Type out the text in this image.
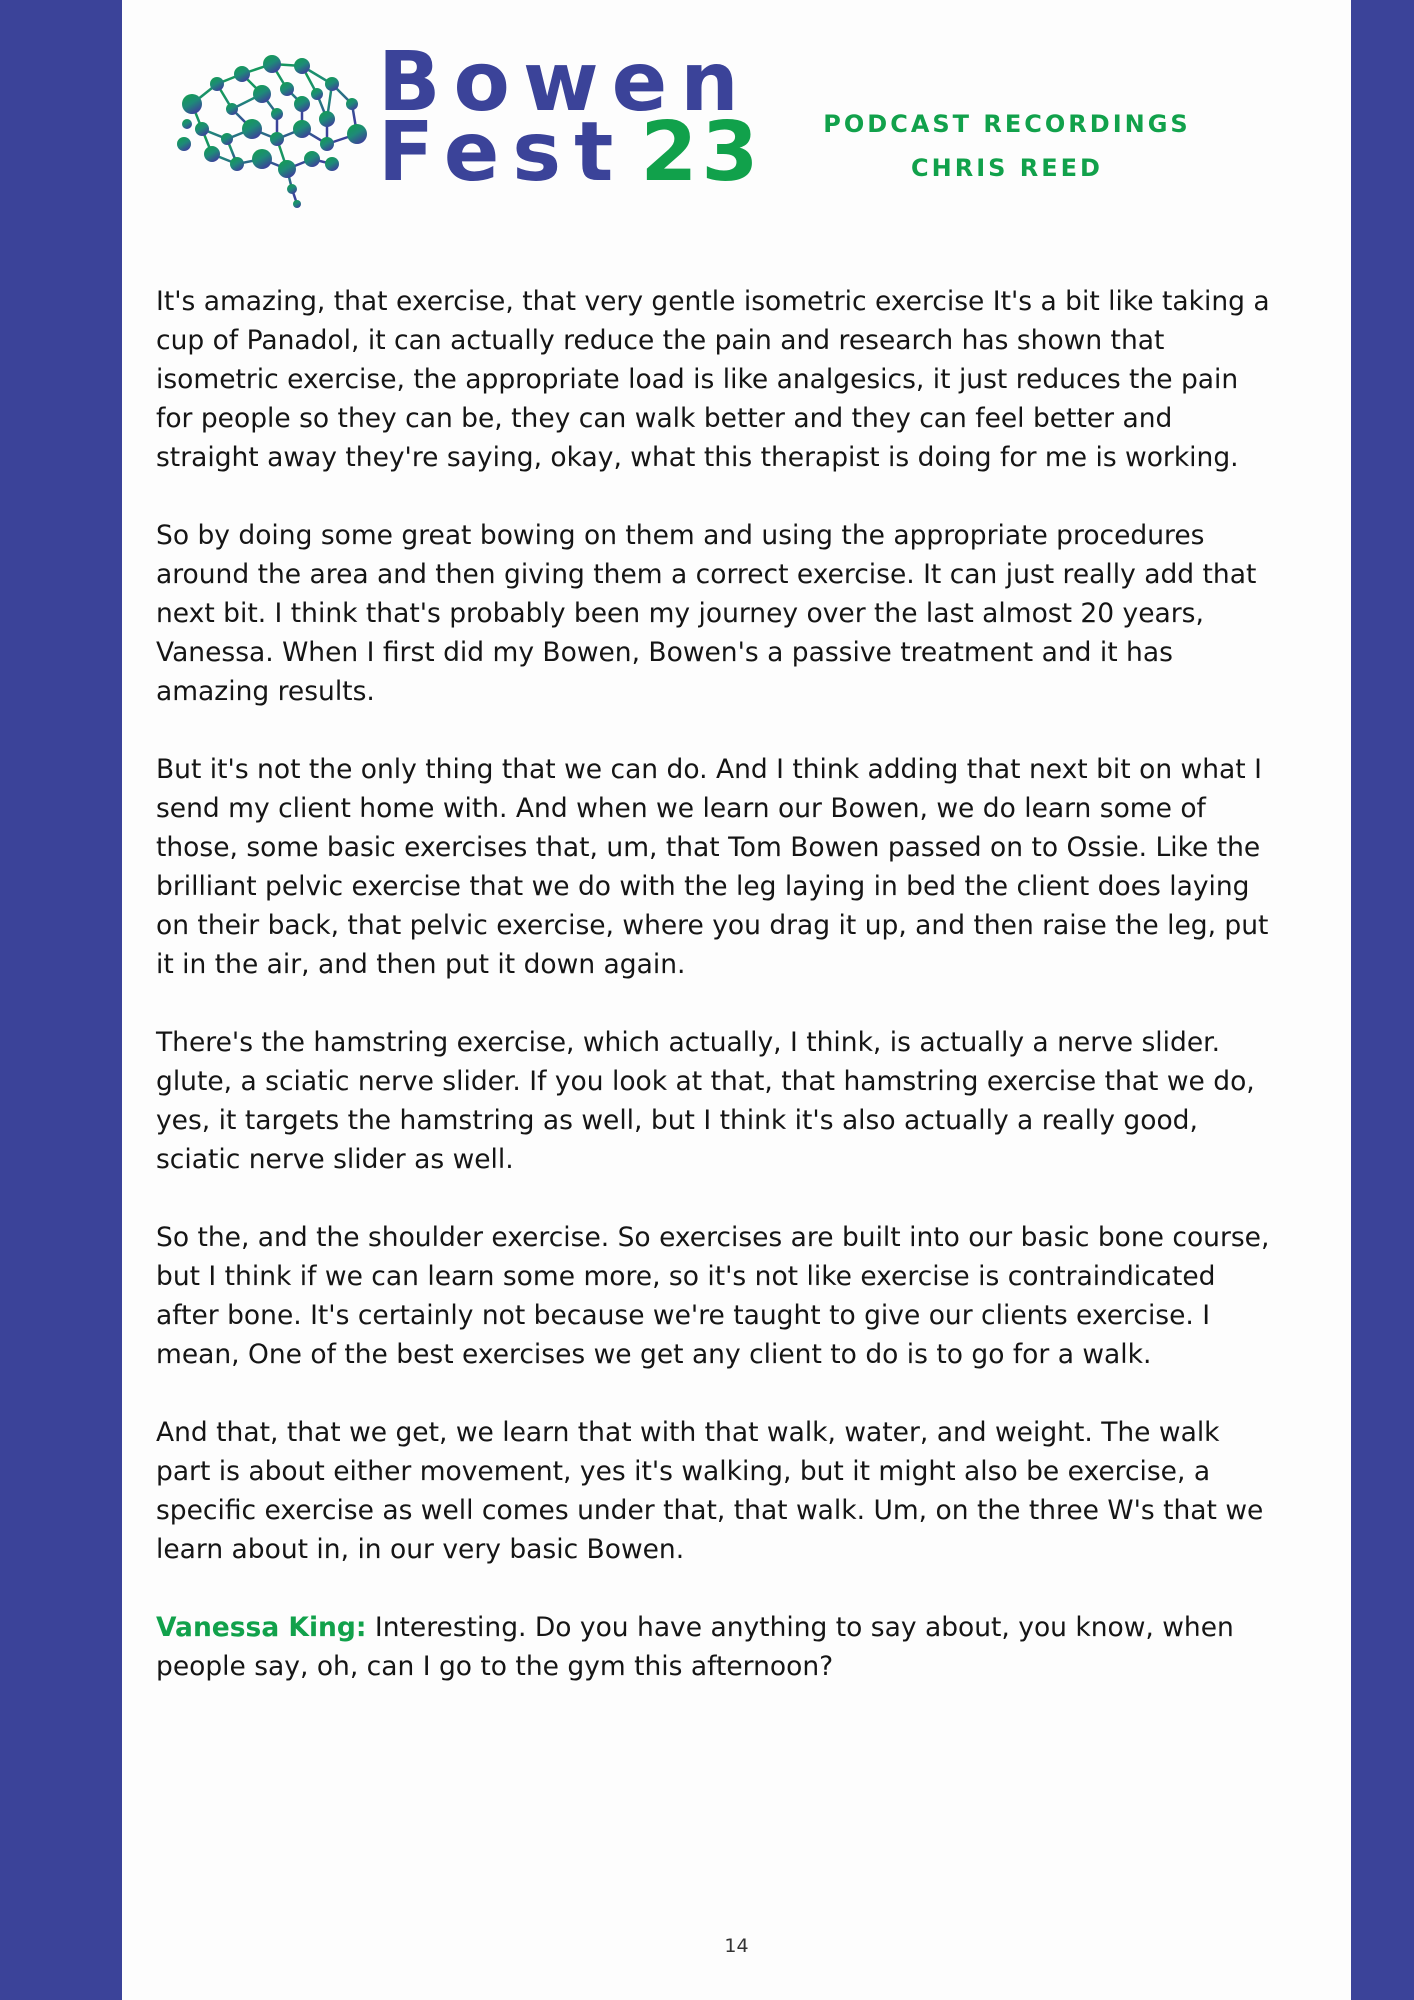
Bowen
Fest 23	PODCAST RECORDINGS
CHRIS REED

It's amazing, that exercise, that very gentle isometric exercise It's a bit like taking a cup of Panadol, it can actually reduce the pain and research has shown that isometric exercise, the appropriate load is like analgesics, it just reduces the pain for people so they can be, they can walk better and they can feel better and straight away they're saying, okay, what this therapist is doing for me is working.

So by doing some great bowing on them and using the appropriate procedures around the area and then giving them a correct exercise. It can just really add that next bit. I think that's probably been my journey over the last almost 20 years, Vanessa. When I first did my Bowen, Bowen's a passive treatment and it has amazing results.

But it's not the only thing that we can do. And I think adding that next bit on what I send my client home with. And when we learn our Bowen, we do learn some of those, some basic exercises that, um, that Tom Bowen passed on to Ossie. Like the brilliant pelvic exercise that we do with the leg laying in bed the client does laying on their back, that pelvic exercise, where you drag it up, and then raise the leg, put it in the air, and then put it down again.

There's the hamstring exercise, which actually, I think, is actually a nerve slider. glute, a sciatic nerve slider. If you look at that, that hamstring exercise that we do, yes, it targets the hamstring as well, but I think it's also actually a really good, sciatic nerve slider as well.

So the, and the shoulder exercise. So exercises are built into our basic bone course, but I think if we can learn some more, so it's not like exercise is contraindicated after bone. It's certainly not because we're taught to give our clients exercise. I mean, One of the best exercises we get any client to do is to go for a walk.

And that, that we get, we learn that with that walk, water, and weight. The walk part is about either movement, yes it's walking, but it might also be exercise, a specific exercise as well comes under that, that walk. Um, on the three W's that we learn about in, in our very basic Bowen.

Vanessa King: Interesting. Do you have anything to say about, you know, when people say, oh, can I go to the gym this afternoon?

14
